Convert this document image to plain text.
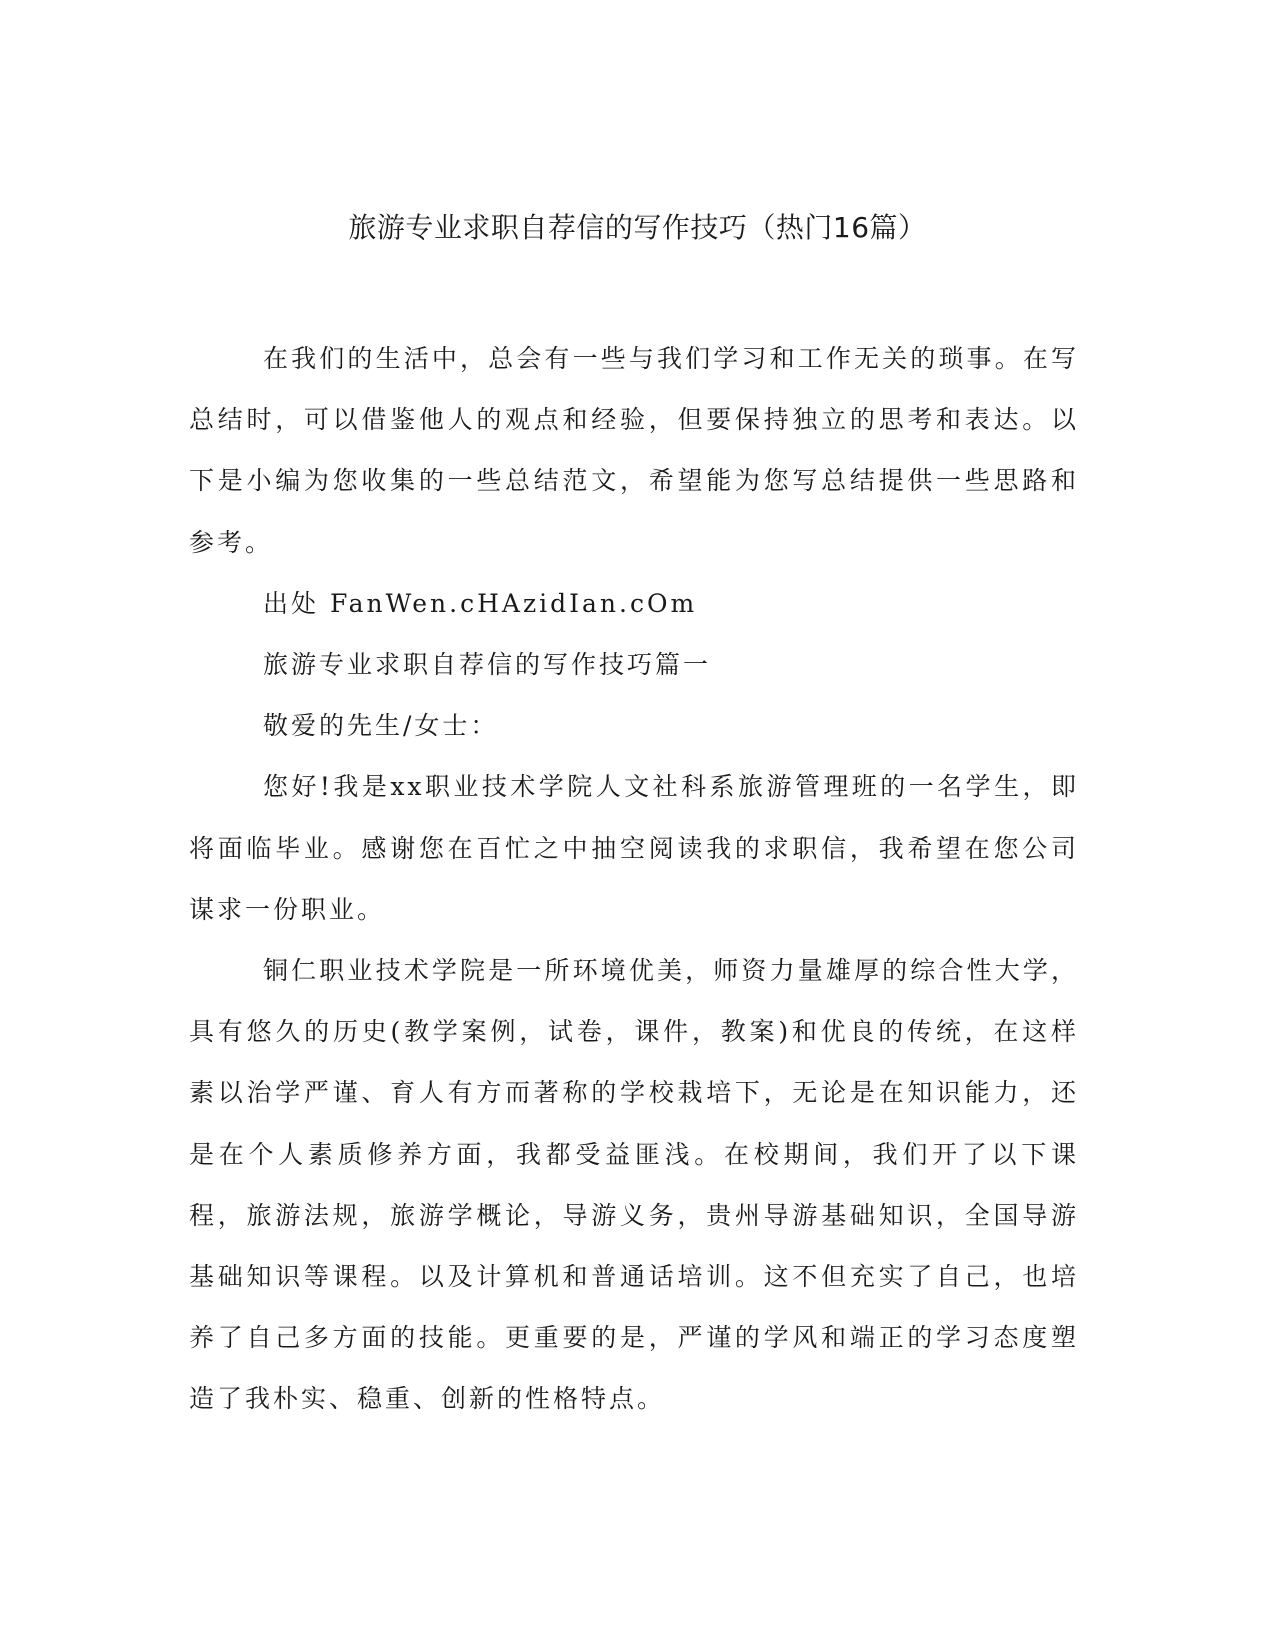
旅游专业求职自荐信的写作技巧（热门16篇）

在我们的生活中，总会有一些与我们学习和工作无关的琐事。在写总结时，可以借鉴他人的观点和经验，但要保持独立的思考和表达。以下是小编为您收集的一些总结范文，希望能为您写总结提供一些思路和参考。

出处 FanWen.cHAzidIan.cOm

旅游专业求职自荐信的写作技巧篇一

敬爱的先生/女士：

您好!我是xx职业技术学院人文社科系旅游管理班的一名学生，即将面临毕业。感谢您在百忙之中抽空阅读我的求职信，我希望在您公司谋求一份职业。

铜仁职业技术学院是一所环境优美，师资力量雄厚的综合性大学，具有悠久的历史(教学案例，试卷，课件，教案)和优良的传统，在这样素以治学严谨、育人有方而著称的学校栽培下，无论是在知识能力，还是在个人素质修养方面，我都受益匪浅。在校期间，我们开了以下课程，旅游法规，旅游学概论，导游义务，贵州导游基础知识，全国导游基础知识等课程。以及计算机和普通话培训。这不但充实了自己，也培养了自己多方面的技能。更重要的是，严谨的学风和端正的学习态度塑造了我朴实、稳重、创新的性格特点。
